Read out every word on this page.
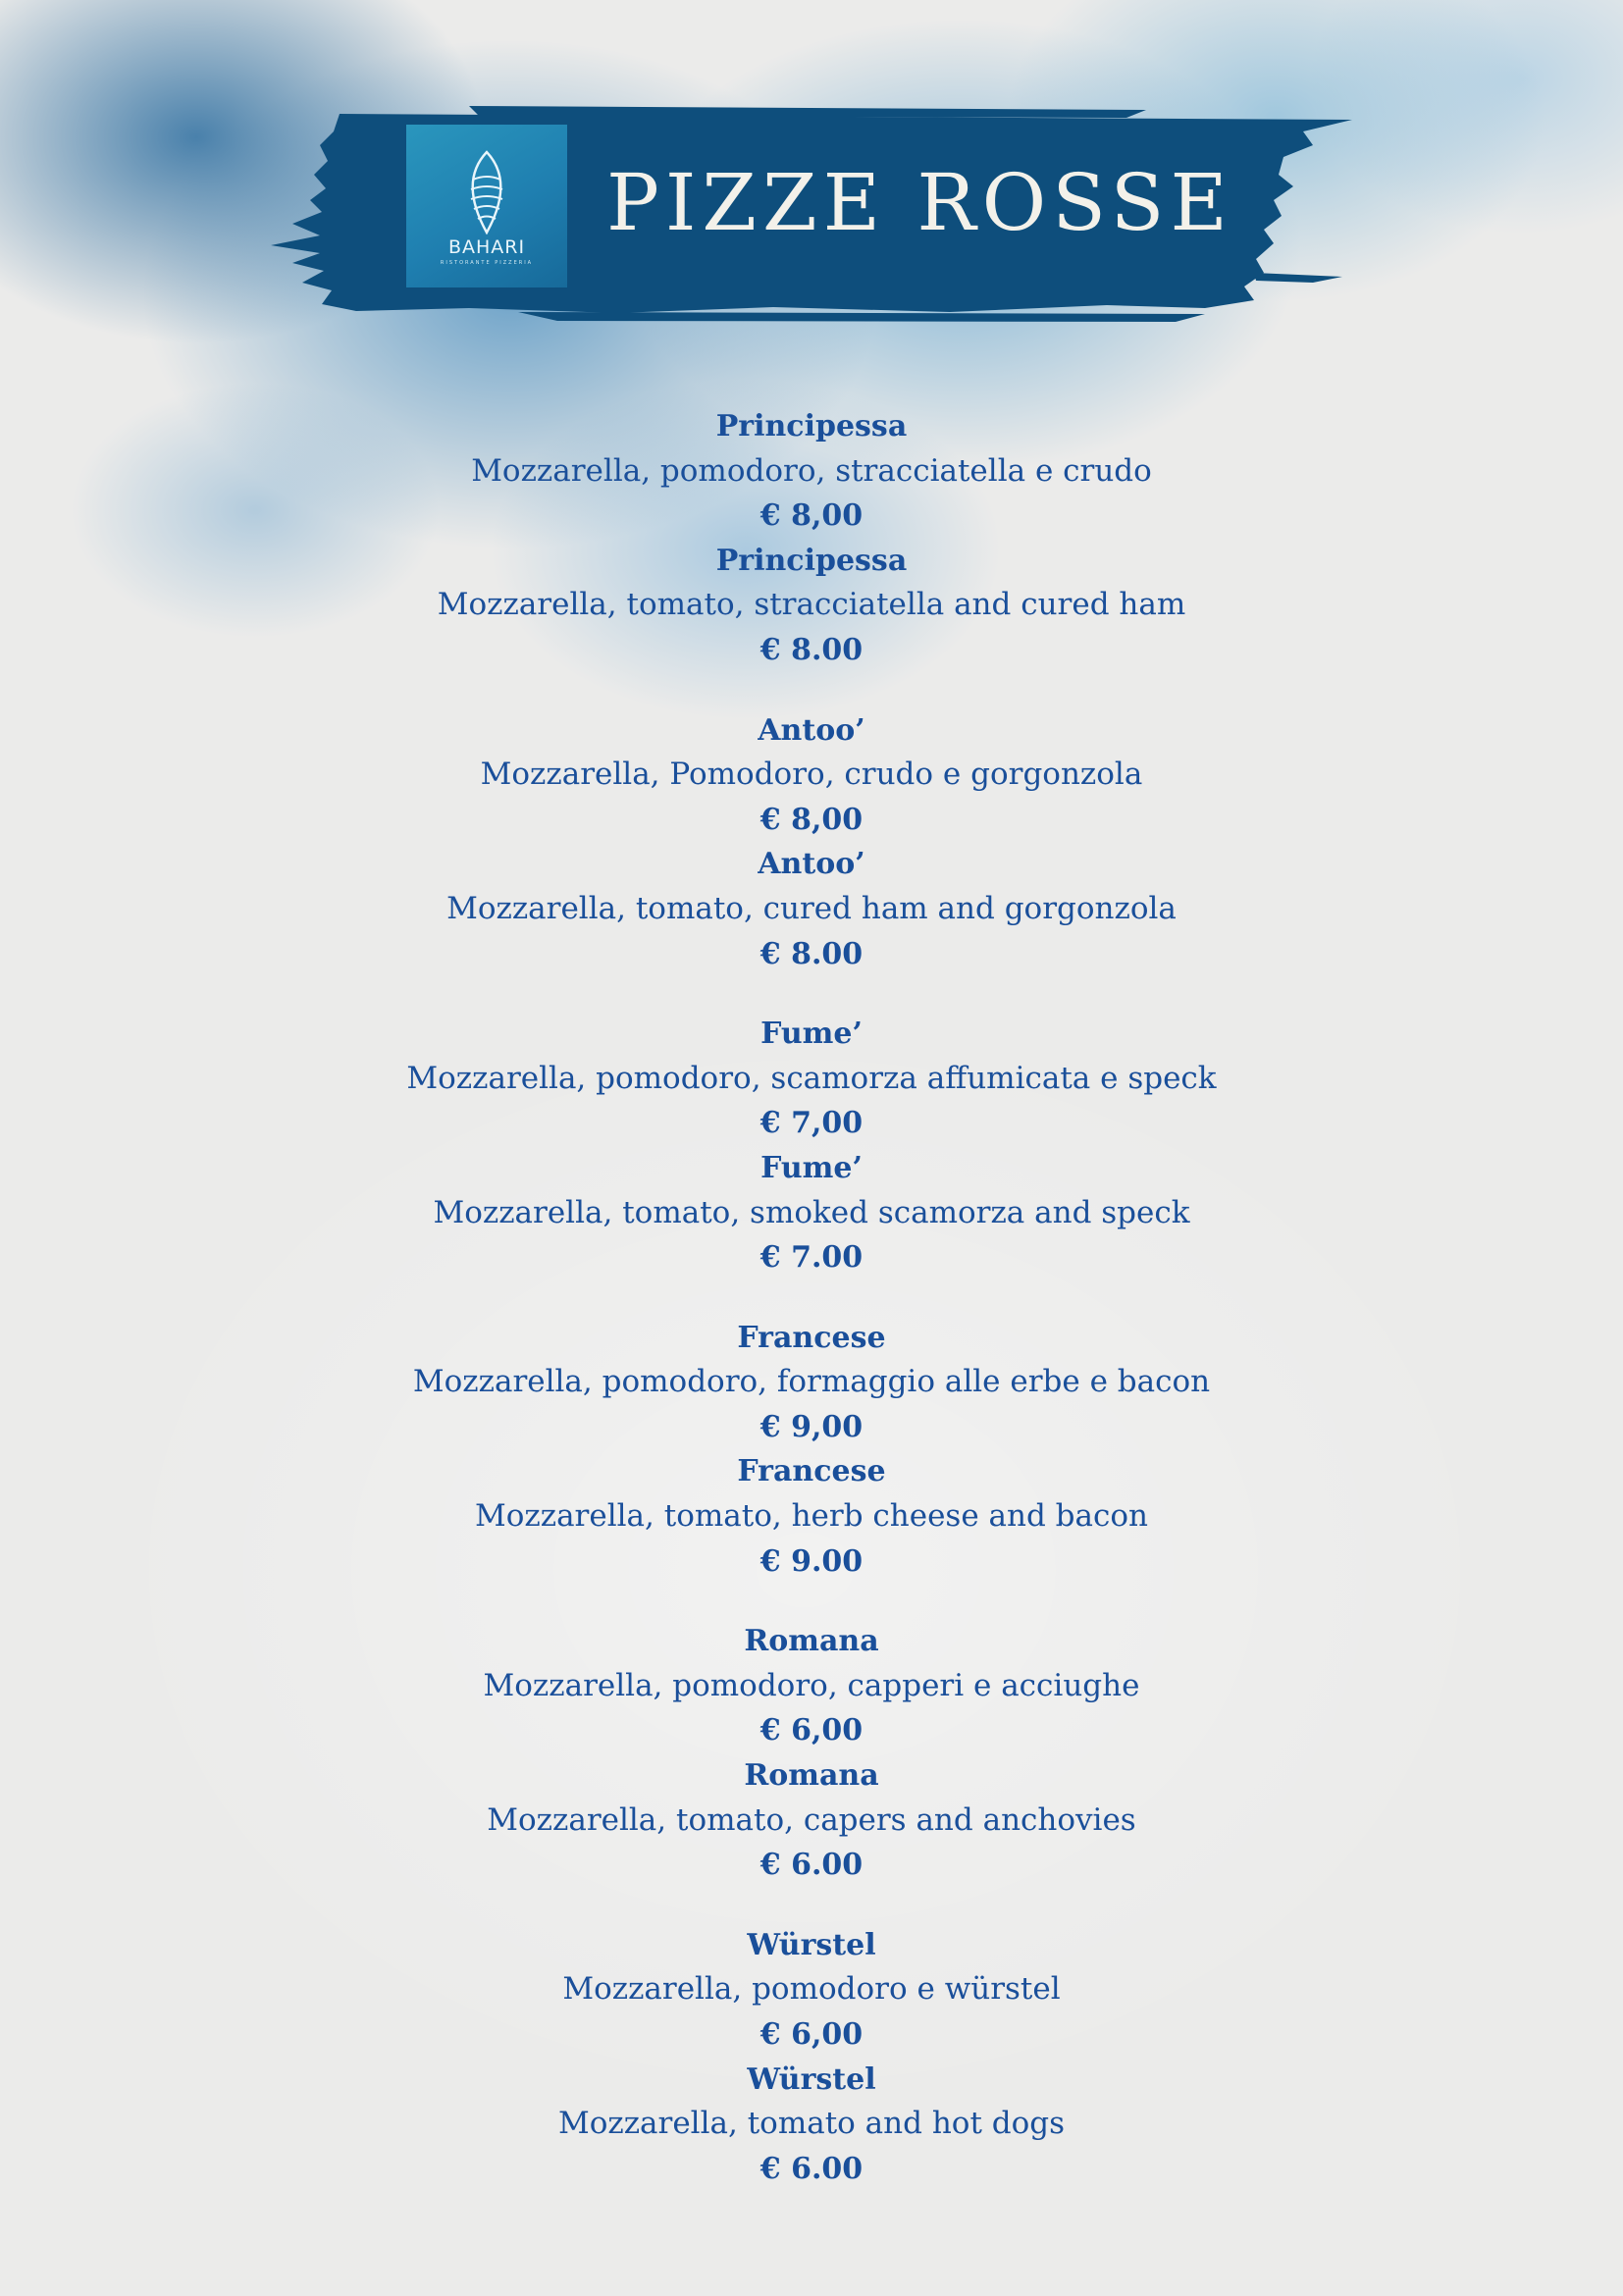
BAHARI
RISTORANTE PIZZERIA
PIZZE ROSSE
Principessa
Mozzarella, pomodoro, stracciatella e crudo
€ 8,00
Principessa
Mozzarella, tomato, stracciatella and cured ham
€ 8.00
Antoo’
Mozzarella, Pomodoro, crudo e gorgonzola
€ 8,00
Antoo’
Mozzarella, tomato, cured ham and gorgonzola
€ 8.00
Fume’
Mozzarella, pomodoro, scamorza affumicata e speck
€ 7,00
Fume’
Mozzarella, tomato, smoked scamorza and speck
€ 7.00
Francese
Mozzarella, pomodoro, formaggio alle erbe e bacon
€ 9,00
Francese
Mozzarella, tomato, herb cheese and bacon
€ 9.00
Romana
Mozzarella, pomodoro, capperi e acciughe
€ 6,00
Romana
Mozzarella, tomato, capers and anchovies
€ 6.00
Würstel
Mozzarella, pomodoro e würstel
€ 6,00
Würstel
Mozzarella, tomato and hot dogs
€ 6.00
